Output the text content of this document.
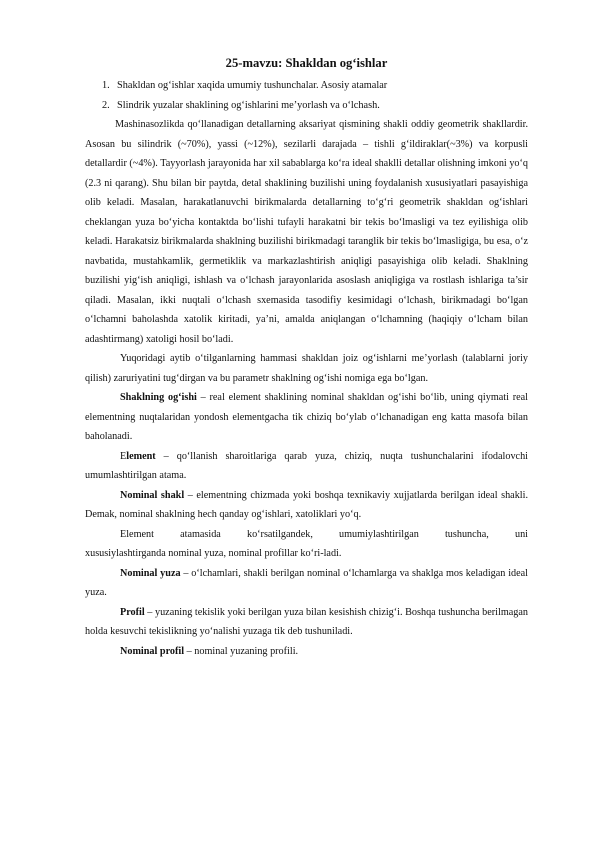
25-mavzu: Shakldan og‘ishlar
1. Shakldan og‘ishlar xaqida umumiy tushunchalar. Asosiy atamalar
2. Slindrik yuzalar shaklining og‘ishlarini me’yorlash va o‘lchash.

Mashinasozlikda qo‘llanadigan detallarning aksariyat qismining shakli oddiy geometrik shakllardir. Asosan bu silindrik (~70%), yassi (~12%), sezilarli darajada – tishli g‘ildiraklar(~3%) va korpusli detallardir (~4%). Tayyorlash jarayonida har xil sabablarga ko‘ra ideal shaklli detallar olishning imkoni yo‘q (2.3 ni qarang). Shu bilan bir paytda, detal shaklining buzilishi uning foydalanish xususiyatlari pasayishiga olib keladi. Masalan, harakatlanuvchi birikmalarda detallarning to‘g‘ri geometrik shakldan og‘ishlari cheklangan yuza bo‘yicha kontaktda bo‘lishi tufayli harakatni bir tekis bo‘lmasligi va tez eyilishiga olib keladi. Harakatsiz birikmalarda shaklning buzilishi birikmadagi taranglik bir tekis bo‘lmasligiga, bu esa, o‘z navbatida, mustahkamlik, germetiklik va markazlashtirish aniqligi pasayishiga olib keladi. Shaklning buzilishi yig‘ish aniqligi, ishlash va o‘lchash jarayonlarida asoslash aniqligiga va rostlash ishlariga ta’sir qiladi. Masalan, ikki nuqtali o‘lchash sxemasida tasodifiy kesimidagi o‘lchash, birikmadagi bo‘lgan o‘lchamni baholashda xatolik kiritadi, ya’ni, amalda aniqlangan o‘lchamning (haqiqiy o‘lcham bilan adashtirmang) xatoligi hosil bo‘ladi.

Yuqoridagi aytib o‘tilganlarning hammasi shakldan joiz og‘ishlarni me’yorlash (talablarni joriy qilish) zaruriyatini tug‘dirgan va bu parametr shaklning og‘ishi nomiga ega bo‘lgan.

Shaklning og‘ishi – real element shaklining nominal shakldan og‘ishi bo‘lib, uning qiymati real elementning nuqtalaridan yondosh elementgacha tik chiziq bo‘ylab o‘lchanadigan eng katta masofa bilan baholanadi.

Element – qo‘llanish sharoitlariga qarab yuza, chiziq, nuqta tushunchalarini ifodalovchi umumlashtirilgan atama.

Nominal shakl – elementning chizmada yoki boshqa texnikaviy xujjatlarda berilgan ideal shakli. Demak, nominal shaklning hech qanday og‘ishlari, xatoliklari yo‘q.

Element atamasida ko‘rsatilgandek, umumiylashtirilgan tushuncha, uni

xususiylashtirganda nominal yuza, nominal profillar ko‘ri-ladi.

Nominal yuza – o‘lchamlari, shakli berilgan nominal o‘lchamlarga va shaklga mos keladigan ideal yuza.

Profil – yuzaning tekislik yoki berilgan yuza bilan kesishish chizig‘i. Boshqa tushuncha berilmagan holda kesuvchi tekislikning yo‘nalishi yuzaga tik deb tushuniladi.

Nominal profil – nominal yuzaning profili.
